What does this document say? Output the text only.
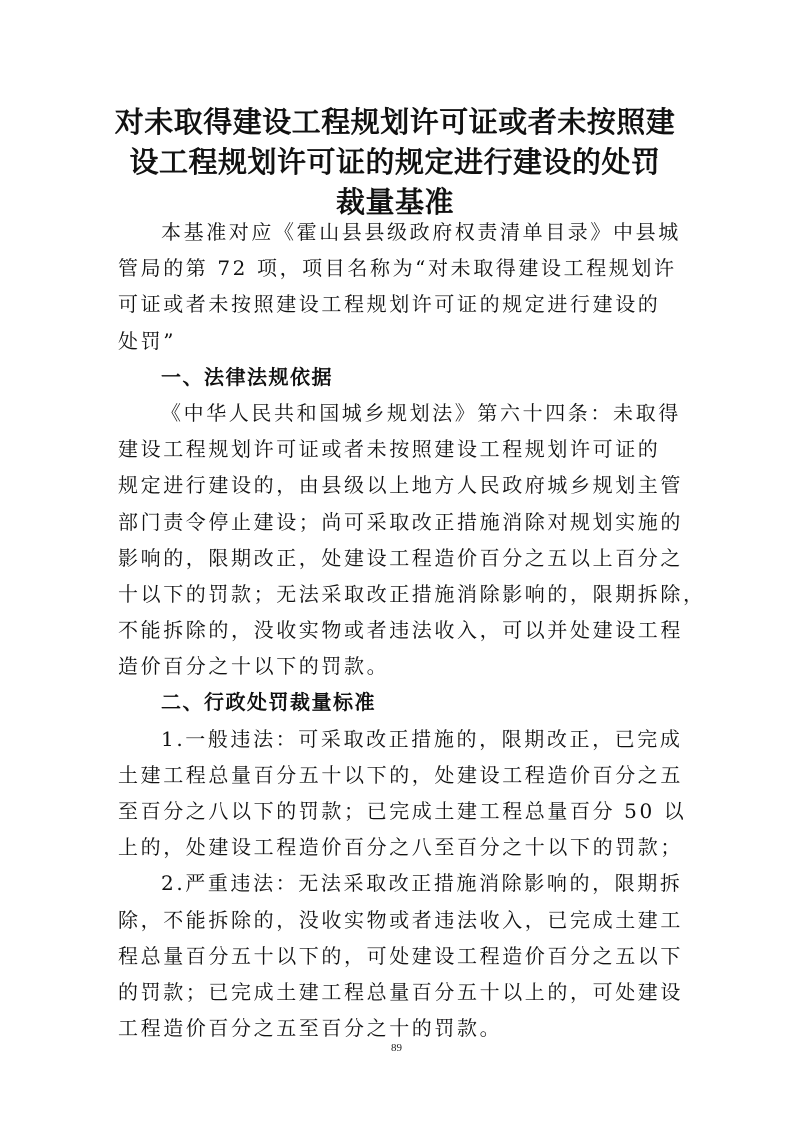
对未取得建设工程规划许可证或者未按照建
设工程规划许可证的规定进行建设的处罚
裁量基准
本基准对应《霍山县县级政府权责清单目录》中县城
管局的第 72 项，项目名称为“对未取得建设工程规划许
可证或者未按照建设工程规划许可证的规定进行建设的
处罚”
一、法律法规依据
《中华人民共和国城乡规划法》第六十四条：未取得
建设工程规划许可证或者未按照建设工程规划许可证的
规定进行建设的，由县级以上地方人民政府城乡规划主管
部门责令停止建设；尚可采取改正措施消除对规划实施的
影响的，限期改正，处建设工程造价百分之五以上百分之
十以下的罚款；无法采取改正措施消除影响的，限期拆除，
不能拆除的，没收实物或者违法收入，可以并处建设工程
造价百分之十以下的罚款。
二、行政处罚裁量标准
1.一般违法：可采取改正措施的，限期改正，已完成
土建工程总量百分五十以下的，处建设工程造价百分之五
至百分之八以下的罚款；已完成土建工程总量百分 50 以
上的，处建设工程造价百分之八至百分之十以下的罚款；
2.严重违法：无法采取改正措施消除影响的，限期拆
除，不能拆除的，没收实物或者违法收入，已完成土建工
程总量百分五十以下的，可处建设工程造价百分之五以下
的罚款；已完成土建工程总量百分五十以上的，可处建设
工程造价百分之五至百分之十的罚款。
89
